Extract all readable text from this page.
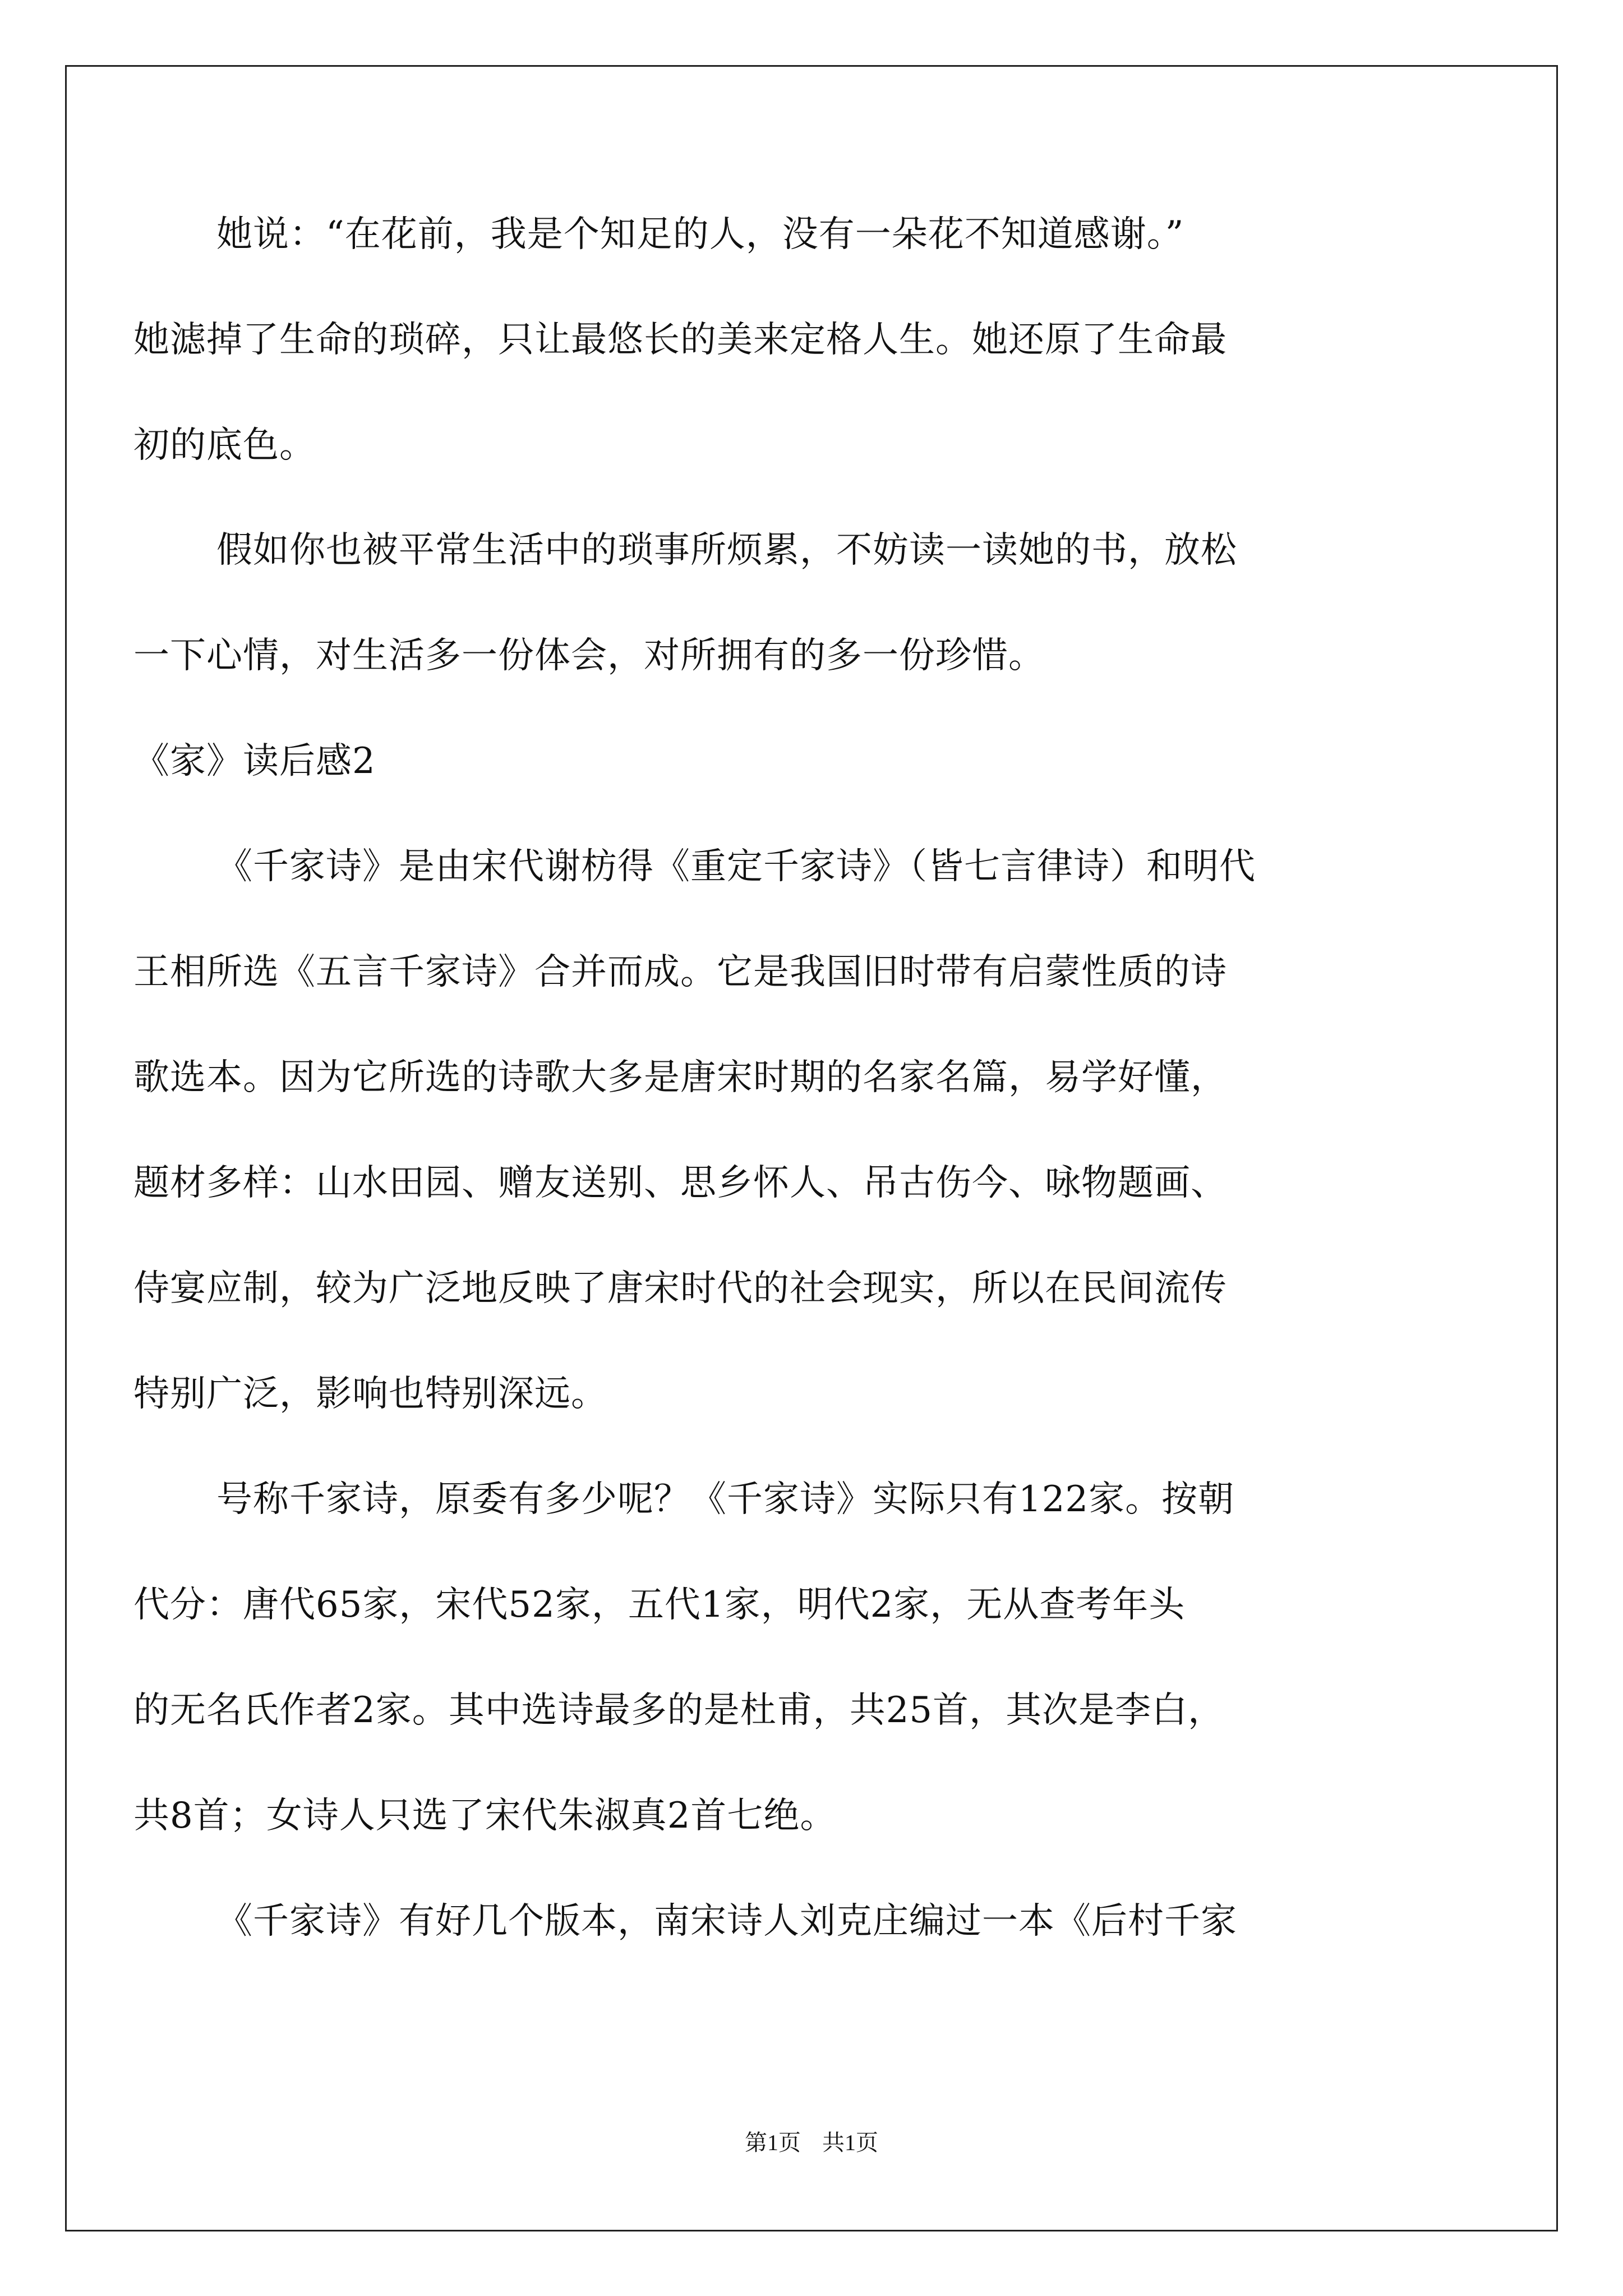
她说：“在花前，我是个知足的人，没有一朵花不知道感谢。”
她滤掉了生命的琐碎，只让最悠长的美来定格人生。她还原了生命最
初的底色。
假如你也被平常生活中的琐事所烦累，不妨读一读她的书，放松
一下心情，对生活多一份体会，对所拥有的多一份珍惜。
《家》读后感2
《千家诗》是由宋代谢枋得《重定千家诗》（皆七言律诗）和明代
王相所选《五言千家诗》合并而成。它是我国旧时带有启蒙性质的诗
歌选本。因为它所选的诗歌大多是唐宋时期的名家名篇，易学好懂，
题材多样：山水田园、赠友送别、思乡怀人、吊古伤今、咏物题画、
侍宴应制，较为广泛地反映了唐宋时代的社会现实，所以在民间流传
特别广泛，影响也特别深远。
号称千家诗，原委有多少呢？《千家诗》实际只有122家。按朝
代分：唐代65家，宋代52家，五代1家，明代2家，无从查考年头
的无名氏作者2家。其中选诗最多的是杜甫，共25首，其次是李白，
共8首；女诗人只选了宋代朱淑真2首七绝。
《千家诗》有好几个版本，南宋诗人刘克庄编过一本《后村千家
第1页 共1页
